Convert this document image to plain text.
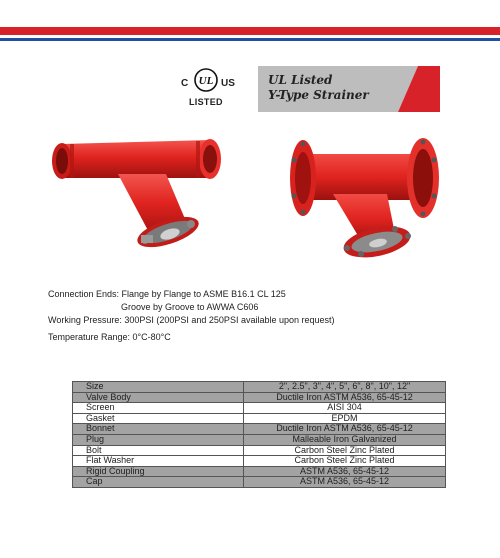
C UL US
LISTED
UL Listed
Y-Type Strainer
Connection Ends: Flange by Flange to ASME B16.1 CL 125
Groove by Groove to AWWA C606
Working Pressure: 300PSI (200PSI and 250PSI available upon request)
Temperature Range: 0°C-80°C
Size	2", 2.5", 3", 4", 5", 6", 8", 10", 12"
Valve Body	Ductile Iron ASTM A536, 65-45-12
Screen	AISI 304
Gasket	EPDM
Bonnet	Ductile Iron ASTM A536, 65-45-12
Plug	Malleable Iron Galvanized
Bolt	Carbon Steel Zinc Plated
Flat Washer	Carbon Steel Zinc Plated
Rigid Coupling	ASTM A536, 65-45-12
Cap	ASTM A536, 65-45-12
